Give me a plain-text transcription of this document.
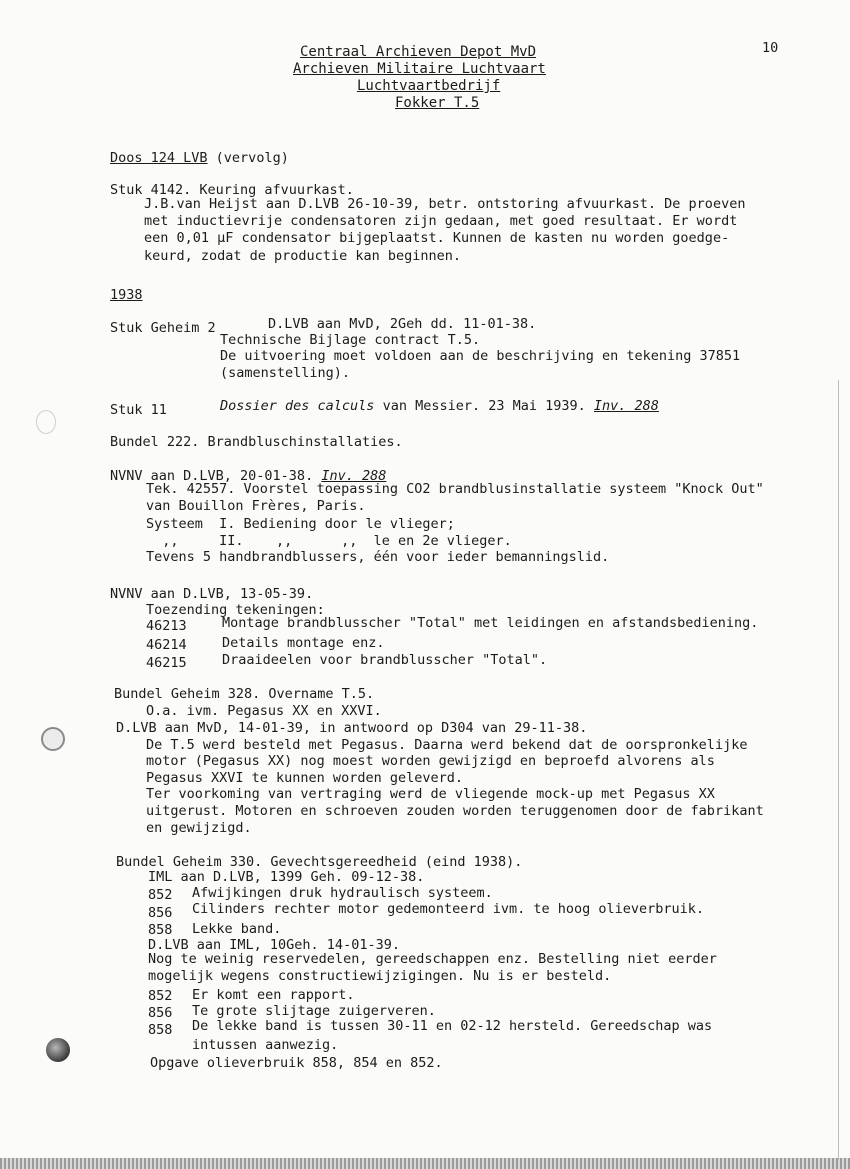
Centraal Archieven Depot MvD
Archieven Militaire Luchtvaart
Luchtvaartbedrijf
Fokker T.5
10
Doos 124 LVB (vervolg)
Stuk 4142. Keuring afvuurkast.
J.B.van Heijst aan D.LVB 26-10-39, betr. ontstoring afvuurkast. De proeven
met inductievrije condensatoren zijn gedaan, met goed resultaat. Er wordt
een 0,01 μF condensator bijgeplaatst. Kunnen de kasten nu worden goedge-
keurd, zodat de productie kan beginnen.
1938
Stuk Geheim 2	D.LVB aan MvD, 2Geh dd. 11-01-38.
Technische Bijlage contract T.5.
De uitvoering moet voldoen aan de beschrijving en tekening 37851
(samenstelling).
Stuk 11	Dossier des calculs van Messier. 23 Mai 1939. Inv. 288
Bundel 222. Brandbluschinstallaties.
NVNV aan D.LVB, 20-01-38. Inv. 288
Tek. 42557. Voorstel toepassing CO2 brandblusinstallatie systeem "Knock Out"
van Bouillon Frères, Paris.
Systeem  I. Bediening door le vlieger;
,,     II.    ,,      ,,  le en 2e vlieger.
Tevens 5 handbrandblussers, één voor ieder bemanningslid.
NVNV aan D.LVB, 13-05-39.
Toezending tekeningen:
46213	Montage brandblusscher "Total" met leidingen en afstandsbediening.
46214	Details montage enz.
46215	Draaideelen voor brandblusscher "Total".
Bundel Geheim 328. Overname T.5.
O.a. ivm. Pegasus XX en XXVI.
D.LVB aan MvD, 14-01-39, in antwoord op D304 van 29-11-38.
De T.5 werd besteld met Pegasus. Daarna werd bekend dat de oorspronkelijke
motor (Pegasus XX) nog moest worden gewijzigd en beproefd alvorens als
Pegasus XXVI te kunnen worden geleverd.
Ter voorkoming van vertraging werd de vliegende mock-up met Pegasus XX
uitgerust. Motoren en schroeven zouden worden teruggenomen door de fabrikant
en gewijzigd.
Bundel Geheim 330. Gevechtsgereedheid (eind 1938).
IML aan D.LVB, 1399 Geh. 09-12-38.
852 Afwijkingen druk hydraulisch systeem.
856 Cilinders rechter motor gedemonteerd ivm. te hoog olieverbruik.
858 Lekke band.
D.LVB aan IML, 10Geh. 14-01-39.
Nog te weinig reservedelen, gereedschappen enz. Bestelling niet eerder
mogelijk wegens constructiewijzigingen. Nu is er besteld.
852 Er komt een rapport.
856 Te grote slijtage zuigerveren.
858 De lekke band is tussen 30-11 en 02-12 hersteld. Gereedschap was
intussen aanwezig.
Opgave olieverbruik 858, 854 en 852.
